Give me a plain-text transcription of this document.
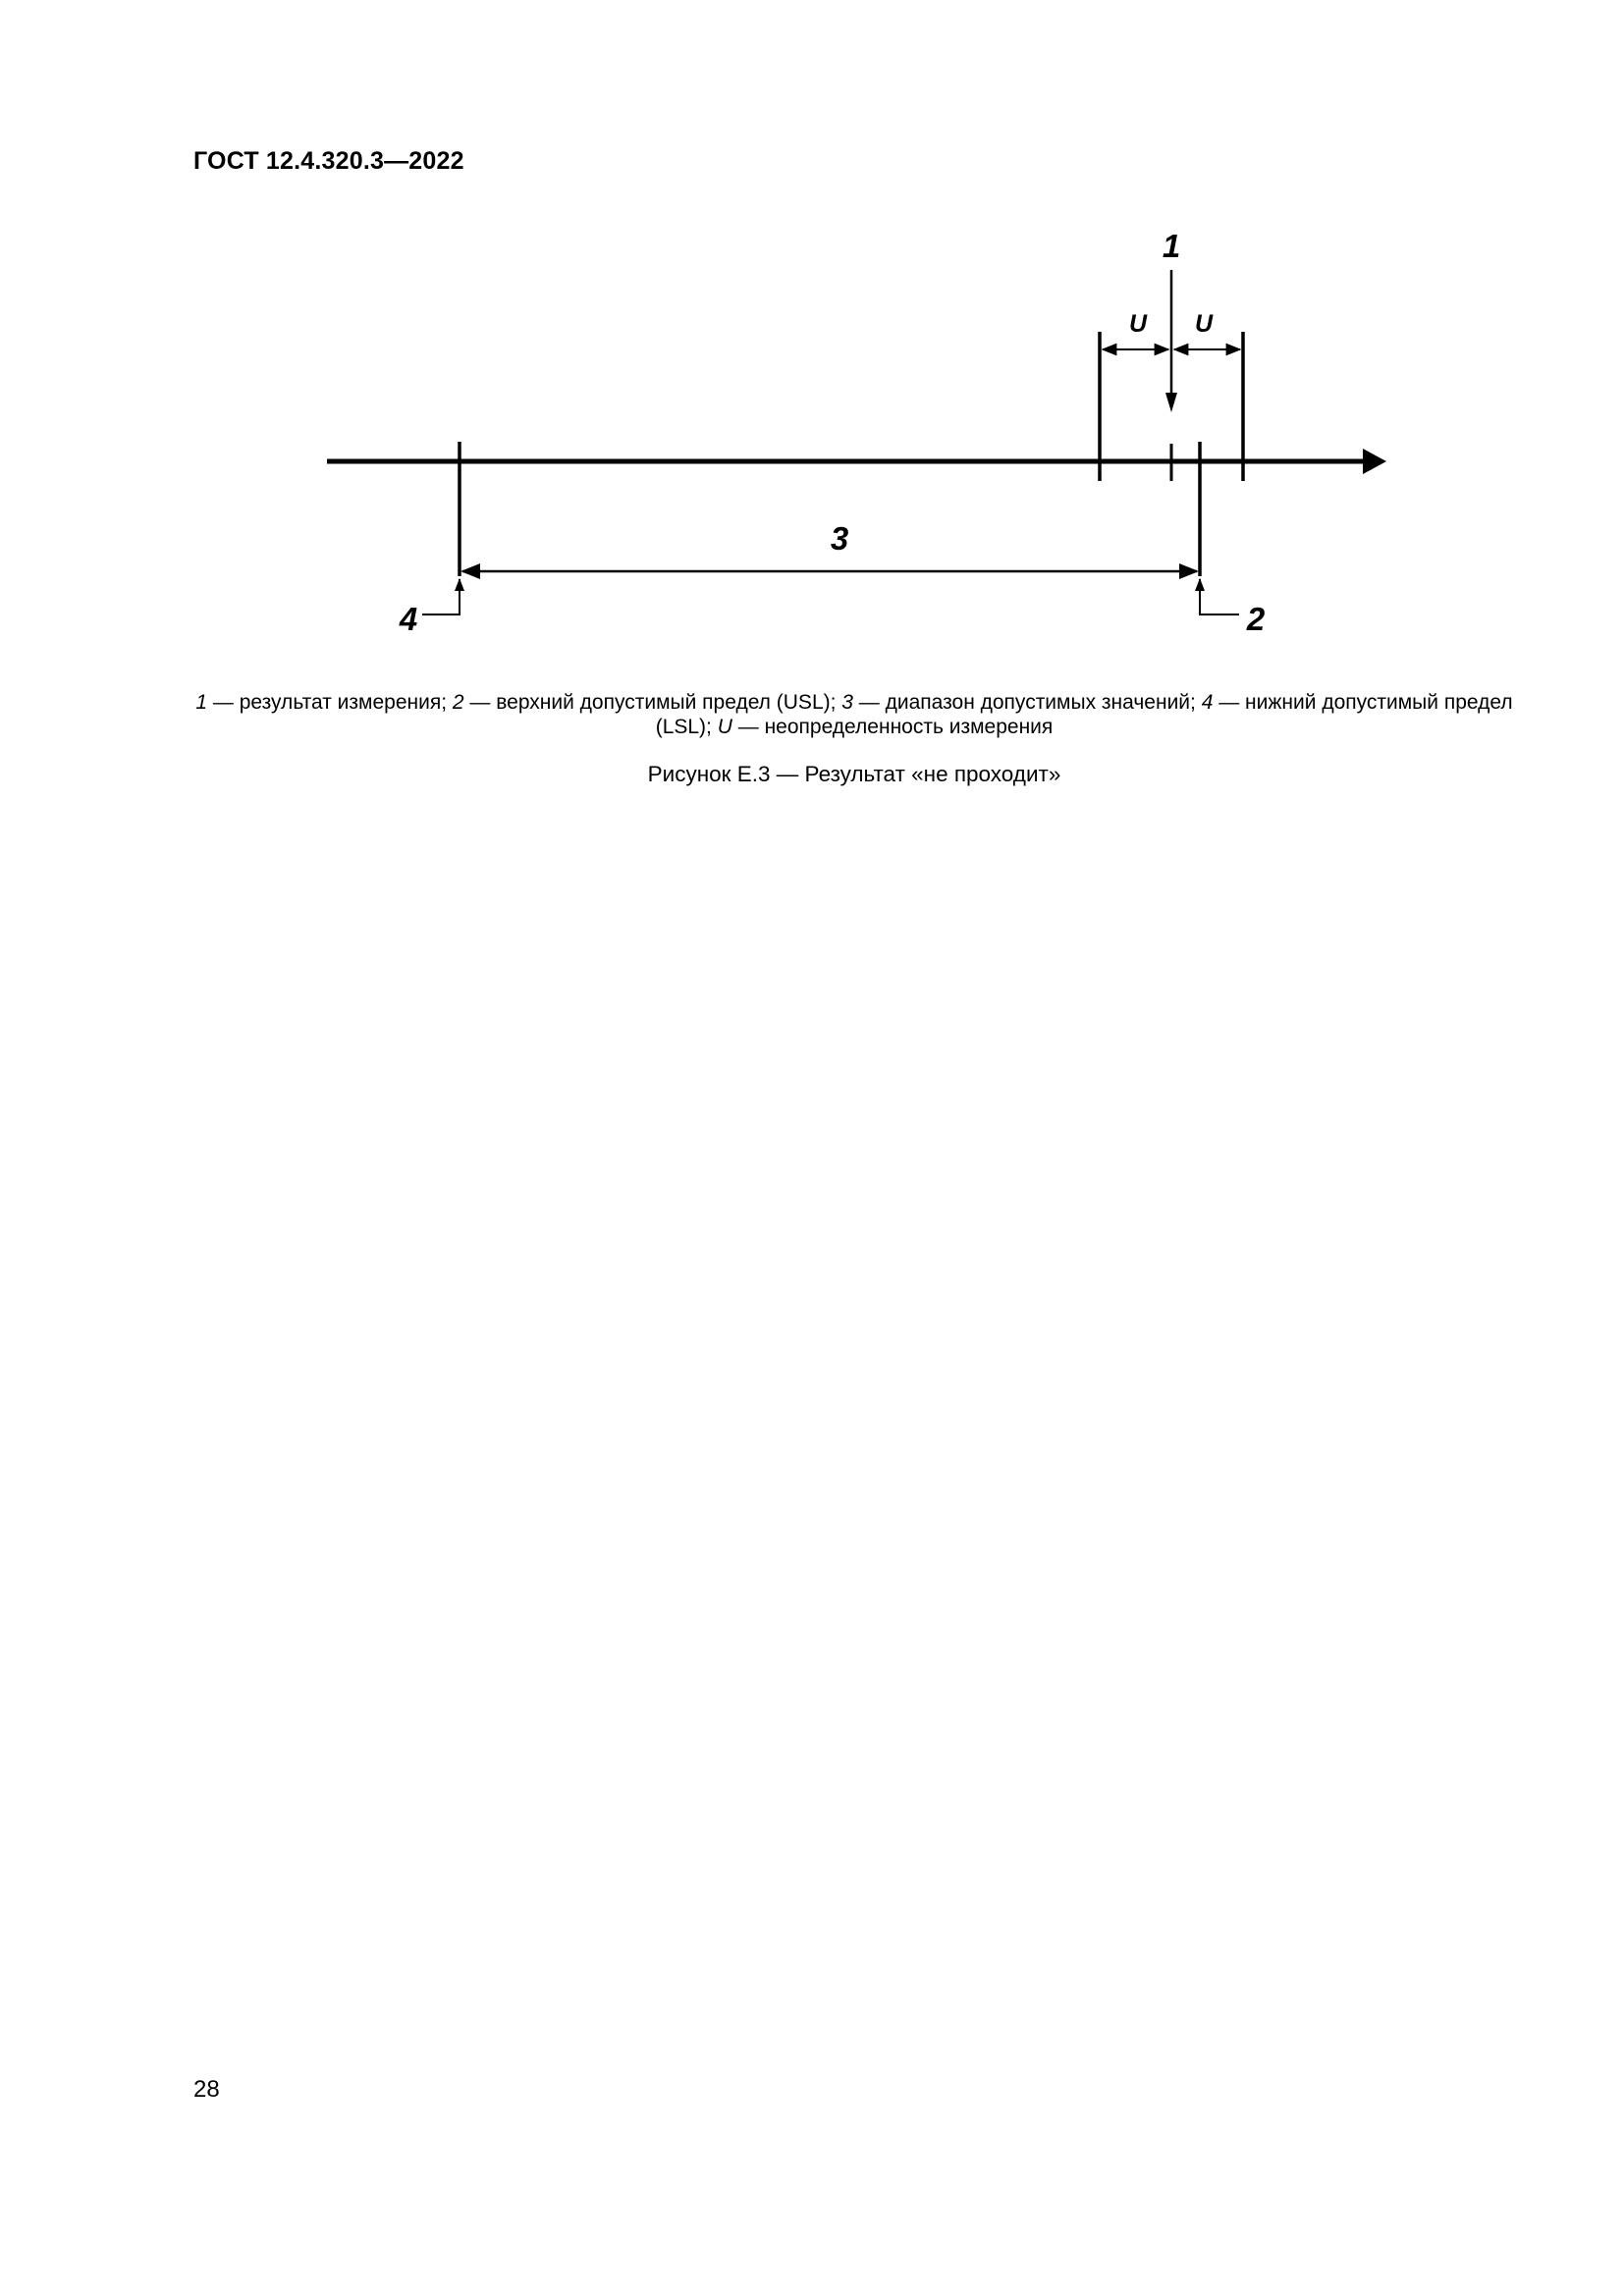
ГОСТ 12.4.320.3—2022
1
U U
3
4	2
1 — результат измерения; 2 — верхний допустимый предел (USL); 3 — диапазон допустимых значений; 4 — нижний допустимый предел (LSL); U — неопределенность измерения
Рисунок Е.3 — Результат «не проходит»
28
